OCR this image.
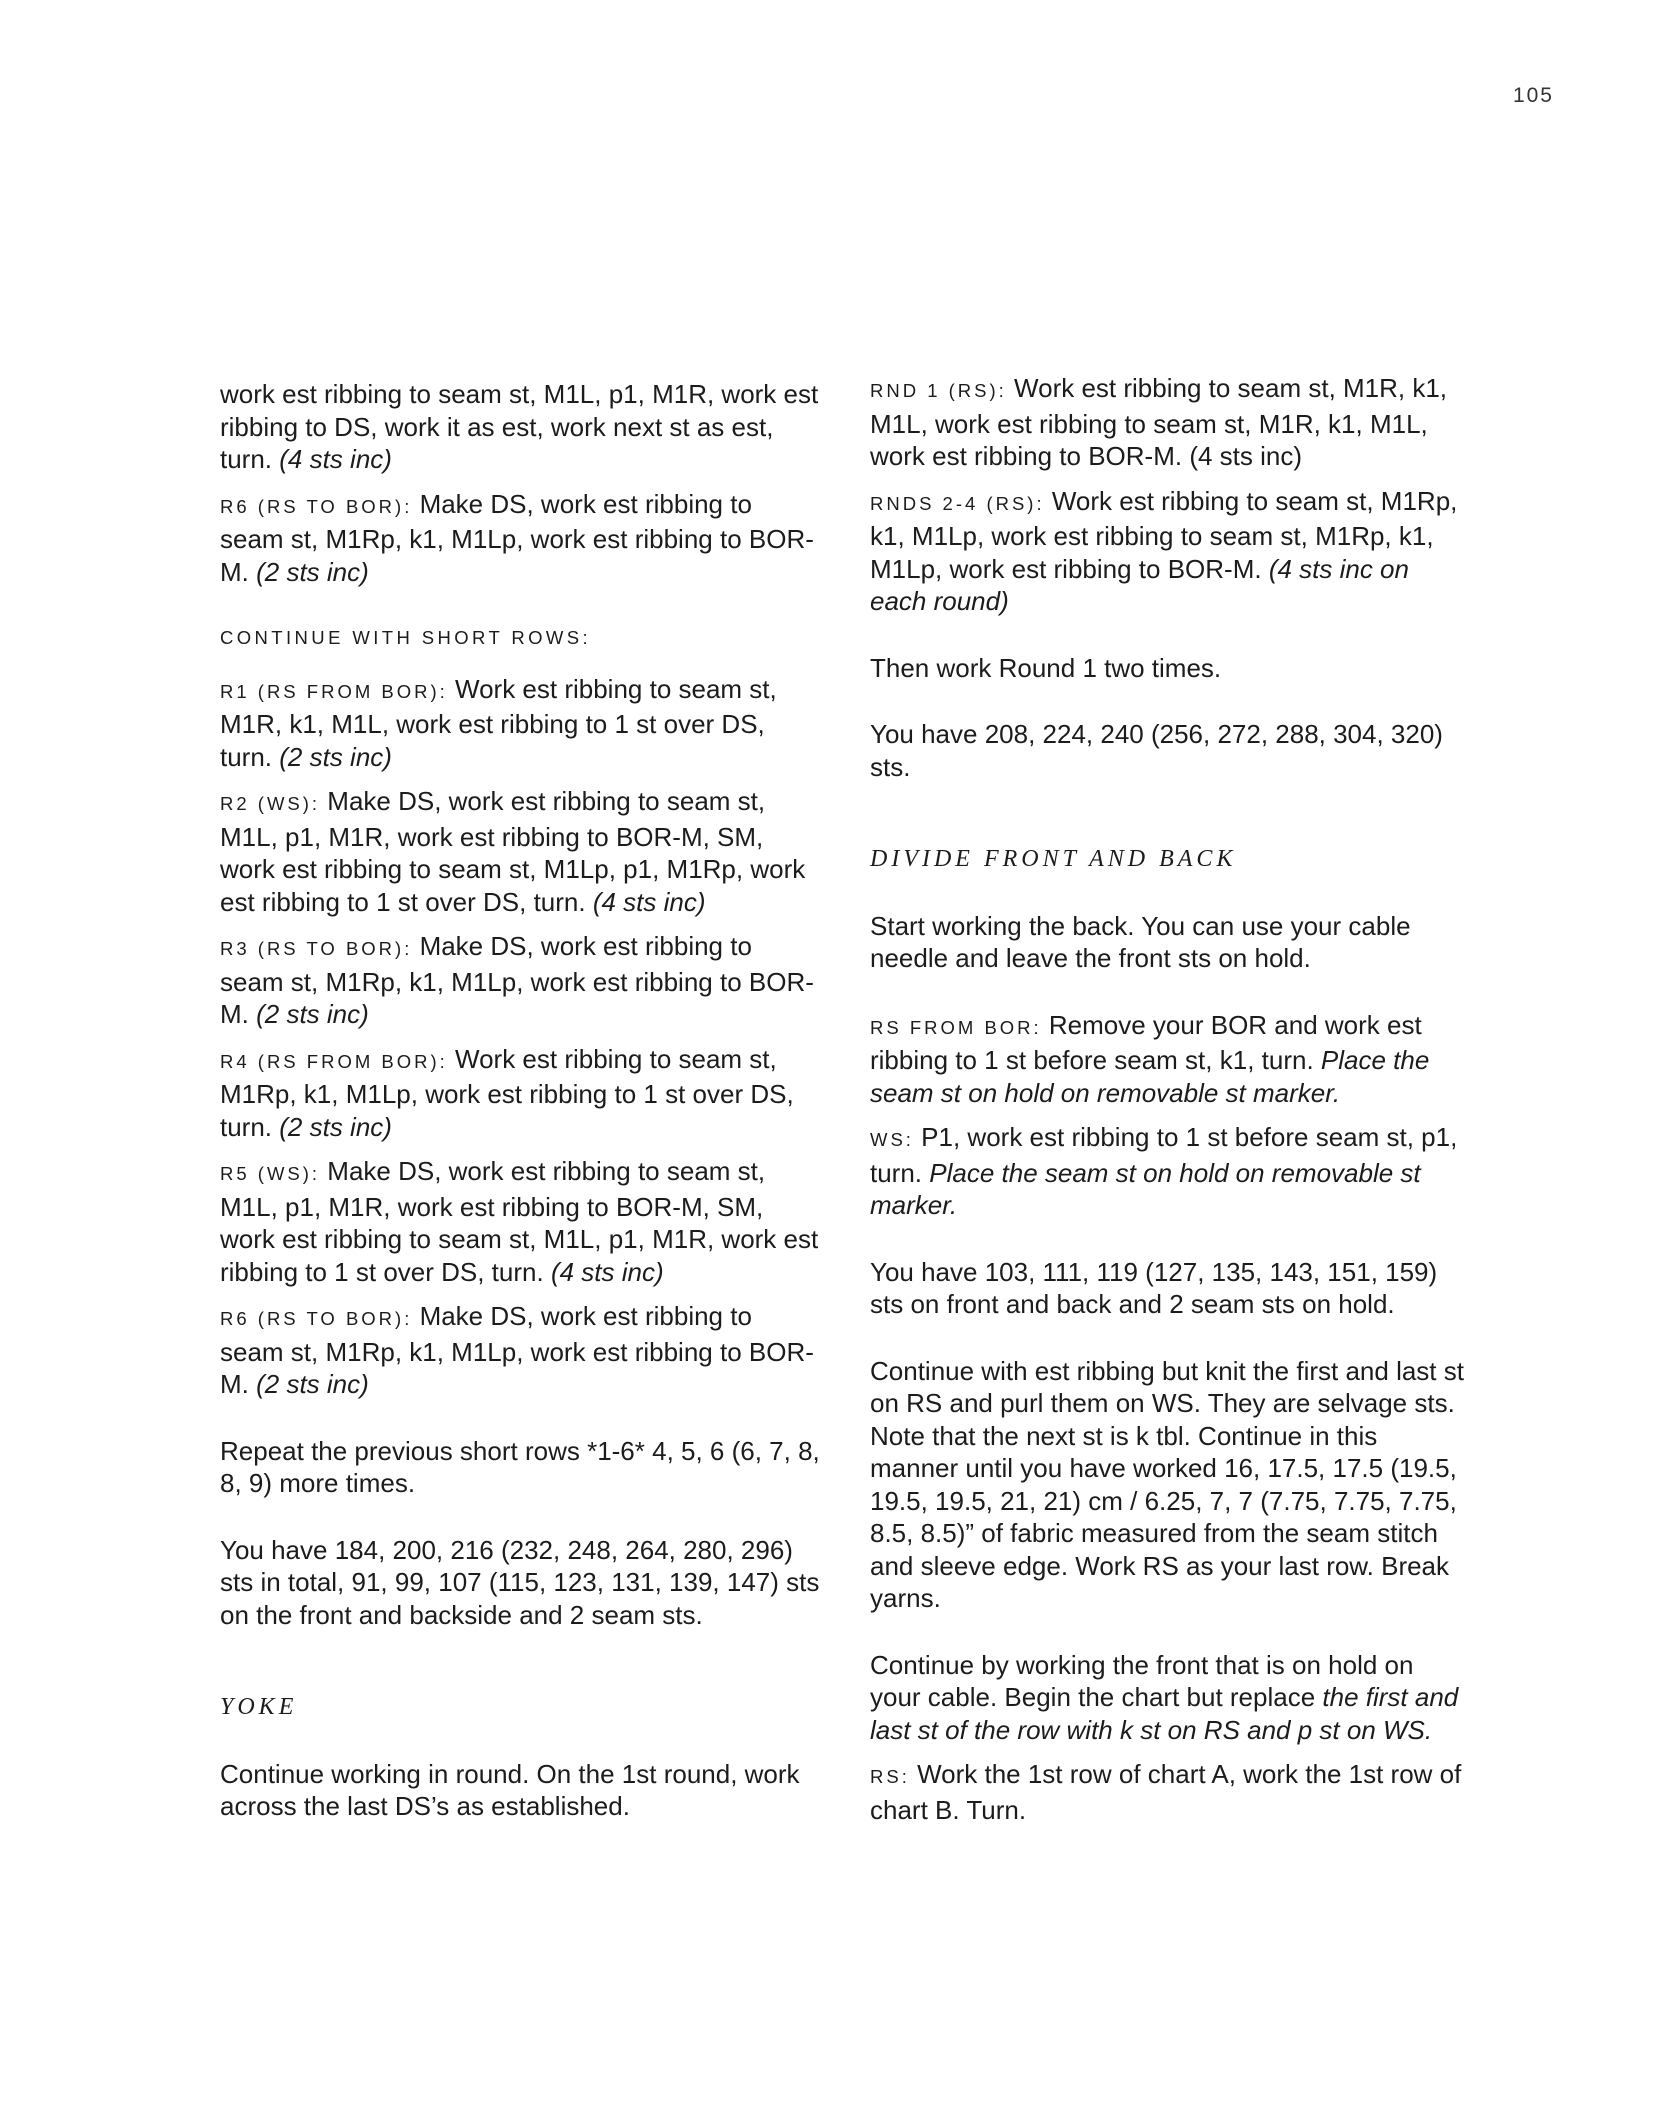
105

work est ribbing to seam st, M1L, p1, M1R, work est ribbing to DS, work it as est, work next st as est, turn. (4 sts inc)

R6 (RS TO BOR): Make DS, work est ribbing to seam st, M1Rp, k1, M1Lp, work est ribbing to BOR-M. (2 sts inc)

CONTINUE WITH SHORT ROWS:

R1 (RS FROM BOR): Work est ribbing to seam st, M1R, k1, M1L, work est ribbing to 1 st over DS, turn. (2 sts inc)

R2 (WS): Make DS, work est ribbing to seam st, M1L, p1, M1R, work est ribbing to BOR-M, SM, work est ribbing to seam st, M1Lp, p1, M1Rp, work est ribbing to 1 st over DS, turn. (4 sts inc)

R3 (RS TO BOR): Make DS, work est ribbing to seam st, M1Rp, k1, M1Lp, work est ribbing to BOR-M. (2 sts inc)

R4 (RS FROM BOR): Work est ribbing to seam st, M1Rp, k1, M1Lp, work est ribbing to 1 st over DS, turn. (2 sts inc)

R5 (WS): Make DS, work est ribbing to seam st, M1L, p1, M1R, work est ribbing to BOR-M, SM, work est ribbing to seam st, M1L, p1, M1R, work est ribbing to 1 st over DS, turn. (4 sts inc)

R6 (RS TO BOR): Make DS, work est ribbing to seam st, M1Rp, k1, M1Lp, work est ribbing to BOR-M. (2 sts inc)

Repeat the previous short rows *1-6* 4, 5, 6 (6, 7, 8, 8, 9) more times.

You have 184, 200, 216 (232, 248, 264, 280, 296) sts in total, 91, 99, 107 (115, 123, 131, 139, 147) sts on the front and backside and 2 seam sts.

YOKE

Continue working in round. On the 1st round, work across the last DS’s as established.

RND 1 (RS): Work est ribbing to seam st, M1R, k1, M1L, work est ribbing to seam st, M1R, k1, M1L, work est ribbing to BOR-M. (4 sts inc)

RNDS 2-4 (RS): Work est ribbing to seam st, M1Rp, k1, M1Lp, work est ribbing to seam st, M1Rp, k1, M1Lp, work est ribbing to BOR-M. (4 sts inc on each round)

Then work Round 1 two times.

You have 208, 224, 240 (256, 272, 288, 304, 320) sts.

DIVIDE FRONT AND BACK

Start working the back. You can use your cable needle and leave the front sts on hold.

RS FROM BOR: Remove your BOR and work est ribbing to 1 st before seam st, k1, turn. Place the seam st on hold on removable st marker.

WS: P1, work est ribbing to 1 st before seam st, p1, turn. Place the seam st on hold on removable st marker.

You have 103, 111, 119 (127, 135, 143, 151, 159) sts on front and back and 2 seam sts on hold.

Continue with est ribbing but knit the first and last st on RS and purl them on WS. They are selvage sts. Note that the next st is k tbl. Continue in this manner until you have worked 16, 17.5, 17.5 (19.5, 19.5, 19.5, 21, 21) cm / 6.25, 7, 7 (7.75, 7.75, 7.75, 8.5, 8.5)” of fabric measured from the seam stitch and sleeve edge. Work RS as your last row. Break yarns.

Continue by working the front that is on hold on your cable. Begin the chart but replace the first and last st of the row with k st on RS and p st on WS.

RS: Work the 1st row of chart A, work the 1st row of chart B. Turn.
